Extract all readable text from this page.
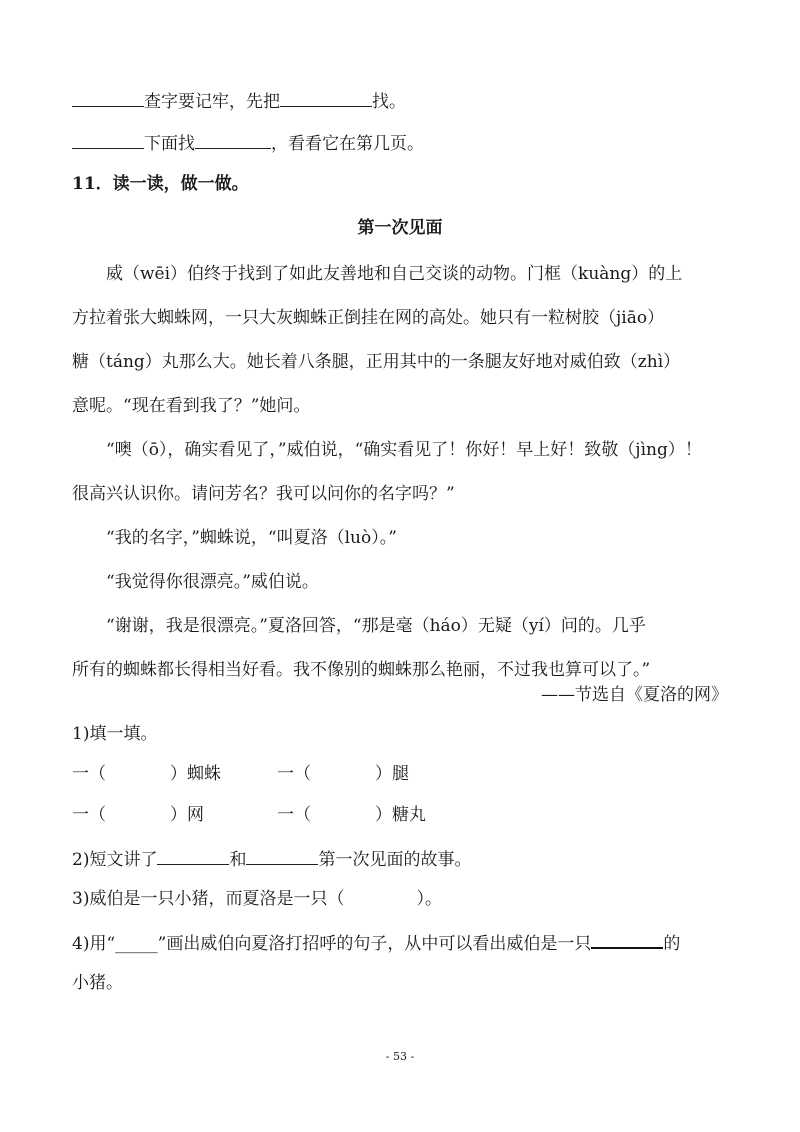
查字要记牢，先把	找。
下面找	，看看它在第几页。
11．读一读，做一做。
第一次见面
　　威（wēi）伯终于找到了如此友善地和自己交谈的动物。门框（kuàng）的上
方拉着张大蜘蛛网，一只大灰蜘蛛正倒挂在网的高处。她只有一粒树胶（jiāo）
糖（táng）丸那么大。她长着八条腿，正用其中的一条腿友好地对威伯致（zhì）
意呢。“现在看到我了？”她问。
　　“噢（ō），确实看见了，”威伯说，“确实看见了！你好！早上好！致敬（jìng）！
很高兴认识你。请问芳名？我可以问你的名字吗？”
　　“我的名字，”蜘蛛说，“叫夏洛（luò）。”
　　“我觉得你很漂亮。”威伯说。
　　“谢谢，我是很漂亮。”夏洛回答，“那是毫（háo）无疑（yí）问的。几乎
所有的蜘蛛都长得相当好看。我不像别的蜘蛛那么艳丽，不过我也算可以了。”
——节选自《夏洛的网》
1)填一填。
一（	）蜘蛛	一（	）腿
一（	）网	一（	）糖丸
2)短文讲了	和	第一次见面的故事。
3)威伯是一只小猪，而夏洛是一只（	）。
4)用“_____”画出威伯向夏洛打招呼的句子，从中可以看出威伯是一只	的
小猪。
- 53 -
